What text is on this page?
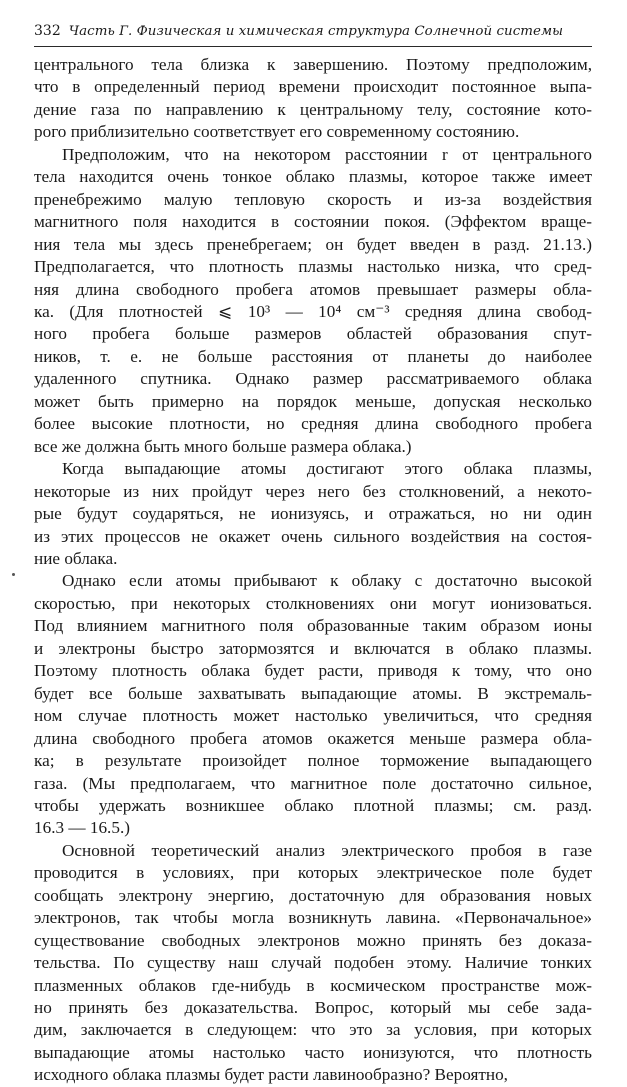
332 Часть Г. Физическая и химическая структура Солнечной системы
центрального тела близка к завершению. Поэтому предположим,
что в определенный период времени происходит постоянное выпа-
дение газа по направлению к центральному телу, состояние кото-
рого приблизительно соответствует его современному состоянию.
Предположим, что на некотором расстоянии r от центрального
тела находится очень тонкое облако плазмы, которое также имеет
пренебрежимо малую тепловую скорость и из-за воздействия
магнитного поля находится в состоянии покоя. (Эффектом враще-
ния тела мы здесь пренебрегаем; он будет введен в разд. 21.13.)
Предполагается, что плотность плазмы настолько низка, что сред-
няя длина свободного пробега атомов превышает размеры обла-
ка. (Для плотностей ⩽ 10³ — 10⁴ см⁻³ средняя длина свобод-
ного пробега больше размеров областей образования спут-
ников, т. е. не больше расстояния от планеты до наиболее
удаленного спутника. Однако размер рассматриваемого облака
может быть примерно на порядок меньше, допуская несколько
более высокие плотности, но средняя длина свободного пробега
все же должна быть много больше размера облака.)
Когда выпадающие атомы достигают этого облака плазмы,
некоторые из них пройдут через него без столкновений, а некото-
рые будут соударяться, не ионизуясь, и отражаться, но ни один
из этих процессов не окажет очень сильного воздействия на состоя-
ние облака.
Однако если атомы прибывают к облаку с достаточно высокой
скоростью, при некоторых столкновениях они могут ионизоваться.
Под влиянием магнитного поля образованные таким образом ионы
и электроны быстро затормозятся и включатся в облако плазмы.
Поэтому плотность облака будет расти, приводя к тому, что оно
будет все больше захватывать выпадающие атомы. В экстремаль-
ном случае плотность может настолько увеличиться, что средняя
длина свободного пробега атомов окажется меньше размера обла-
ка; в результате произойдет полное торможение выпадающего
газа. (Мы предполагаем, что магнитное поле достаточно сильное,
чтобы удержать возникшее облако плотной плазмы; см. разд.
16.3 — 16.5.)
Основной теоретический анализ электрического пробоя в газе
проводится в условиях, при которых электрическое поле будет
сообщать электрону энергию, достаточную для образования новых
электронов, так чтобы могла возникнуть лавина. «Первоначальное»
существование свободных электронов можно принять без доказа-
тельства. По существу наш случай подобен этому. Наличие тонких
плазменных облаков где-нибудь в космическом пространстве мож-
но принять без доказательства. Вопрос, который мы себе зада-
дим, заключается в следующем: что это за условия, при которых
выпадающие атомы настолько часто ионизуются, что плотность
исходного облака плазмы будет расти лавинообразно? Вероятно,
